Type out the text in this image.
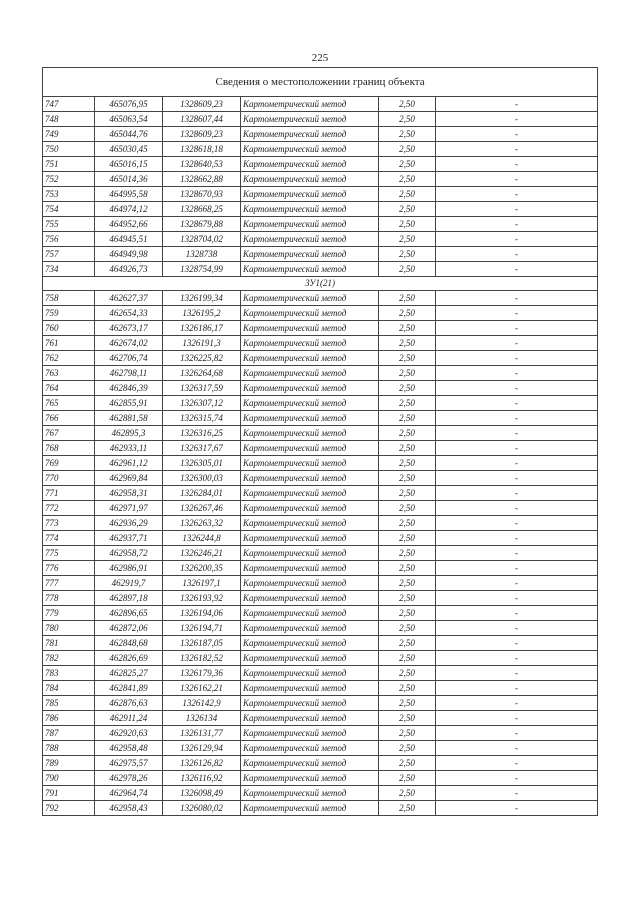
225
Сведения о местоположении границ объекта					
747	465076,95	1328609,23	Картометрический метод	2,50	-
748	465063,54	1328607,44	Картометрический метод	2,50	-
749	465044,76	1328609,23	Картометрический метод	2,50	-
750	465030,45	1328618,18	Картометрический метод	2,50	-
751	465016,15	1328640,53	Картометрический метод	2,50	-
752	465014,36	1328662,88	Картометрический метод	2,50	-
753	464995,58	1328670,93	Картометрический метод	2,50	-
754	464974,12	1328668,25	Картометрический метод	2,50	-
755	464952,66	1328679,88	Картометрический метод	2,50	-
756	464945,51	1328704,02	Картометрический метод	2,50	-
757	464949,98	1328738	Картометрический метод	2,50	-
734	464926,73	1328754,99	Картометрический метод	2,50	-
ЗУ1(21)					
758	462627,37	1326199,34	Картометрический метод	2,50	-
759	462654,33	1326195,2	Картометрический метод	2,50	-
760	462673,17	1326186,17	Картометрический метод	2,50	-
761	462674,02	1326191,3	Картометрический метод	2,50	-
762	462706,74	1326225,82	Картометрический метод	2,50	-
763	462798,11	1326264,68	Картометрический метод	2,50	-
764	462846,39	1326317,59	Картометрический метод	2,50	-
765	462855,91	1326307,12	Картометрический метод	2,50	-
766	462881,58	1326315,74	Картометрический метод	2,50	-
767	462895,3	1326316,25	Картометрический метод	2,50	-
768	462933,11	1326317,67	Картометрический метод	2,50	-
769	462961,12	1326305,01	Картометрический метод	2,50	-
770	462969,84	1326300,03	Картометрический метод	2,50	-
771	462958,31	1326284,01	Картометрический метод	2,50	-
772	462971,97	1326267,46	Картометрический метод	2,50	-
773	462936,29	1326263,32	Картометрический метод	2,50	-
774	462937,71	1326244,8	Картометрический метод	2,50	-
775	462958,72	1326246,21	Картометрический метод	2,50	-
776	462986,91	1326200,35	Картометрический метод	2,50	-
777	462919,7	1326197,1	Картометрический метод	2,50	-
778	462897,18	1326193,92	Картометрический метод	2,50	-
779	462896,65	1326194,06	Картометрический метод	2,50	-
780	462872,06	1326194,71	Картометрический метод	2,50	-
781	462848,68	1326187,05	Картометрический метод	2,50	-
782	462826,69	1326182,52	Картометрический метод	2,50	-
783	462825,27	1326179,36	Картометрический метод	2,50	-
784	462841,89	1326162,21	Картометрический метод	2,50	-
785	462876,63	1326142,9	Картометрический метод	2,50	-
786	462911,24	1326134	Картометрический метод	2,50	-
787	462920,63	1326131,77	Картометрический метод	2,50	-
788	462958,48	1326129,94	Картометрический метод	2,50	-
789	462975,57	1326126,82	Картометрический метод	2,50	-
790	462978,26	1326116,92	Картометрический метод	2,50	-
791	462964,74	1326098,49	Картометрический метод	2,50	-
792	462958,43	1326080,02	Картометрический метод	2,50	-
